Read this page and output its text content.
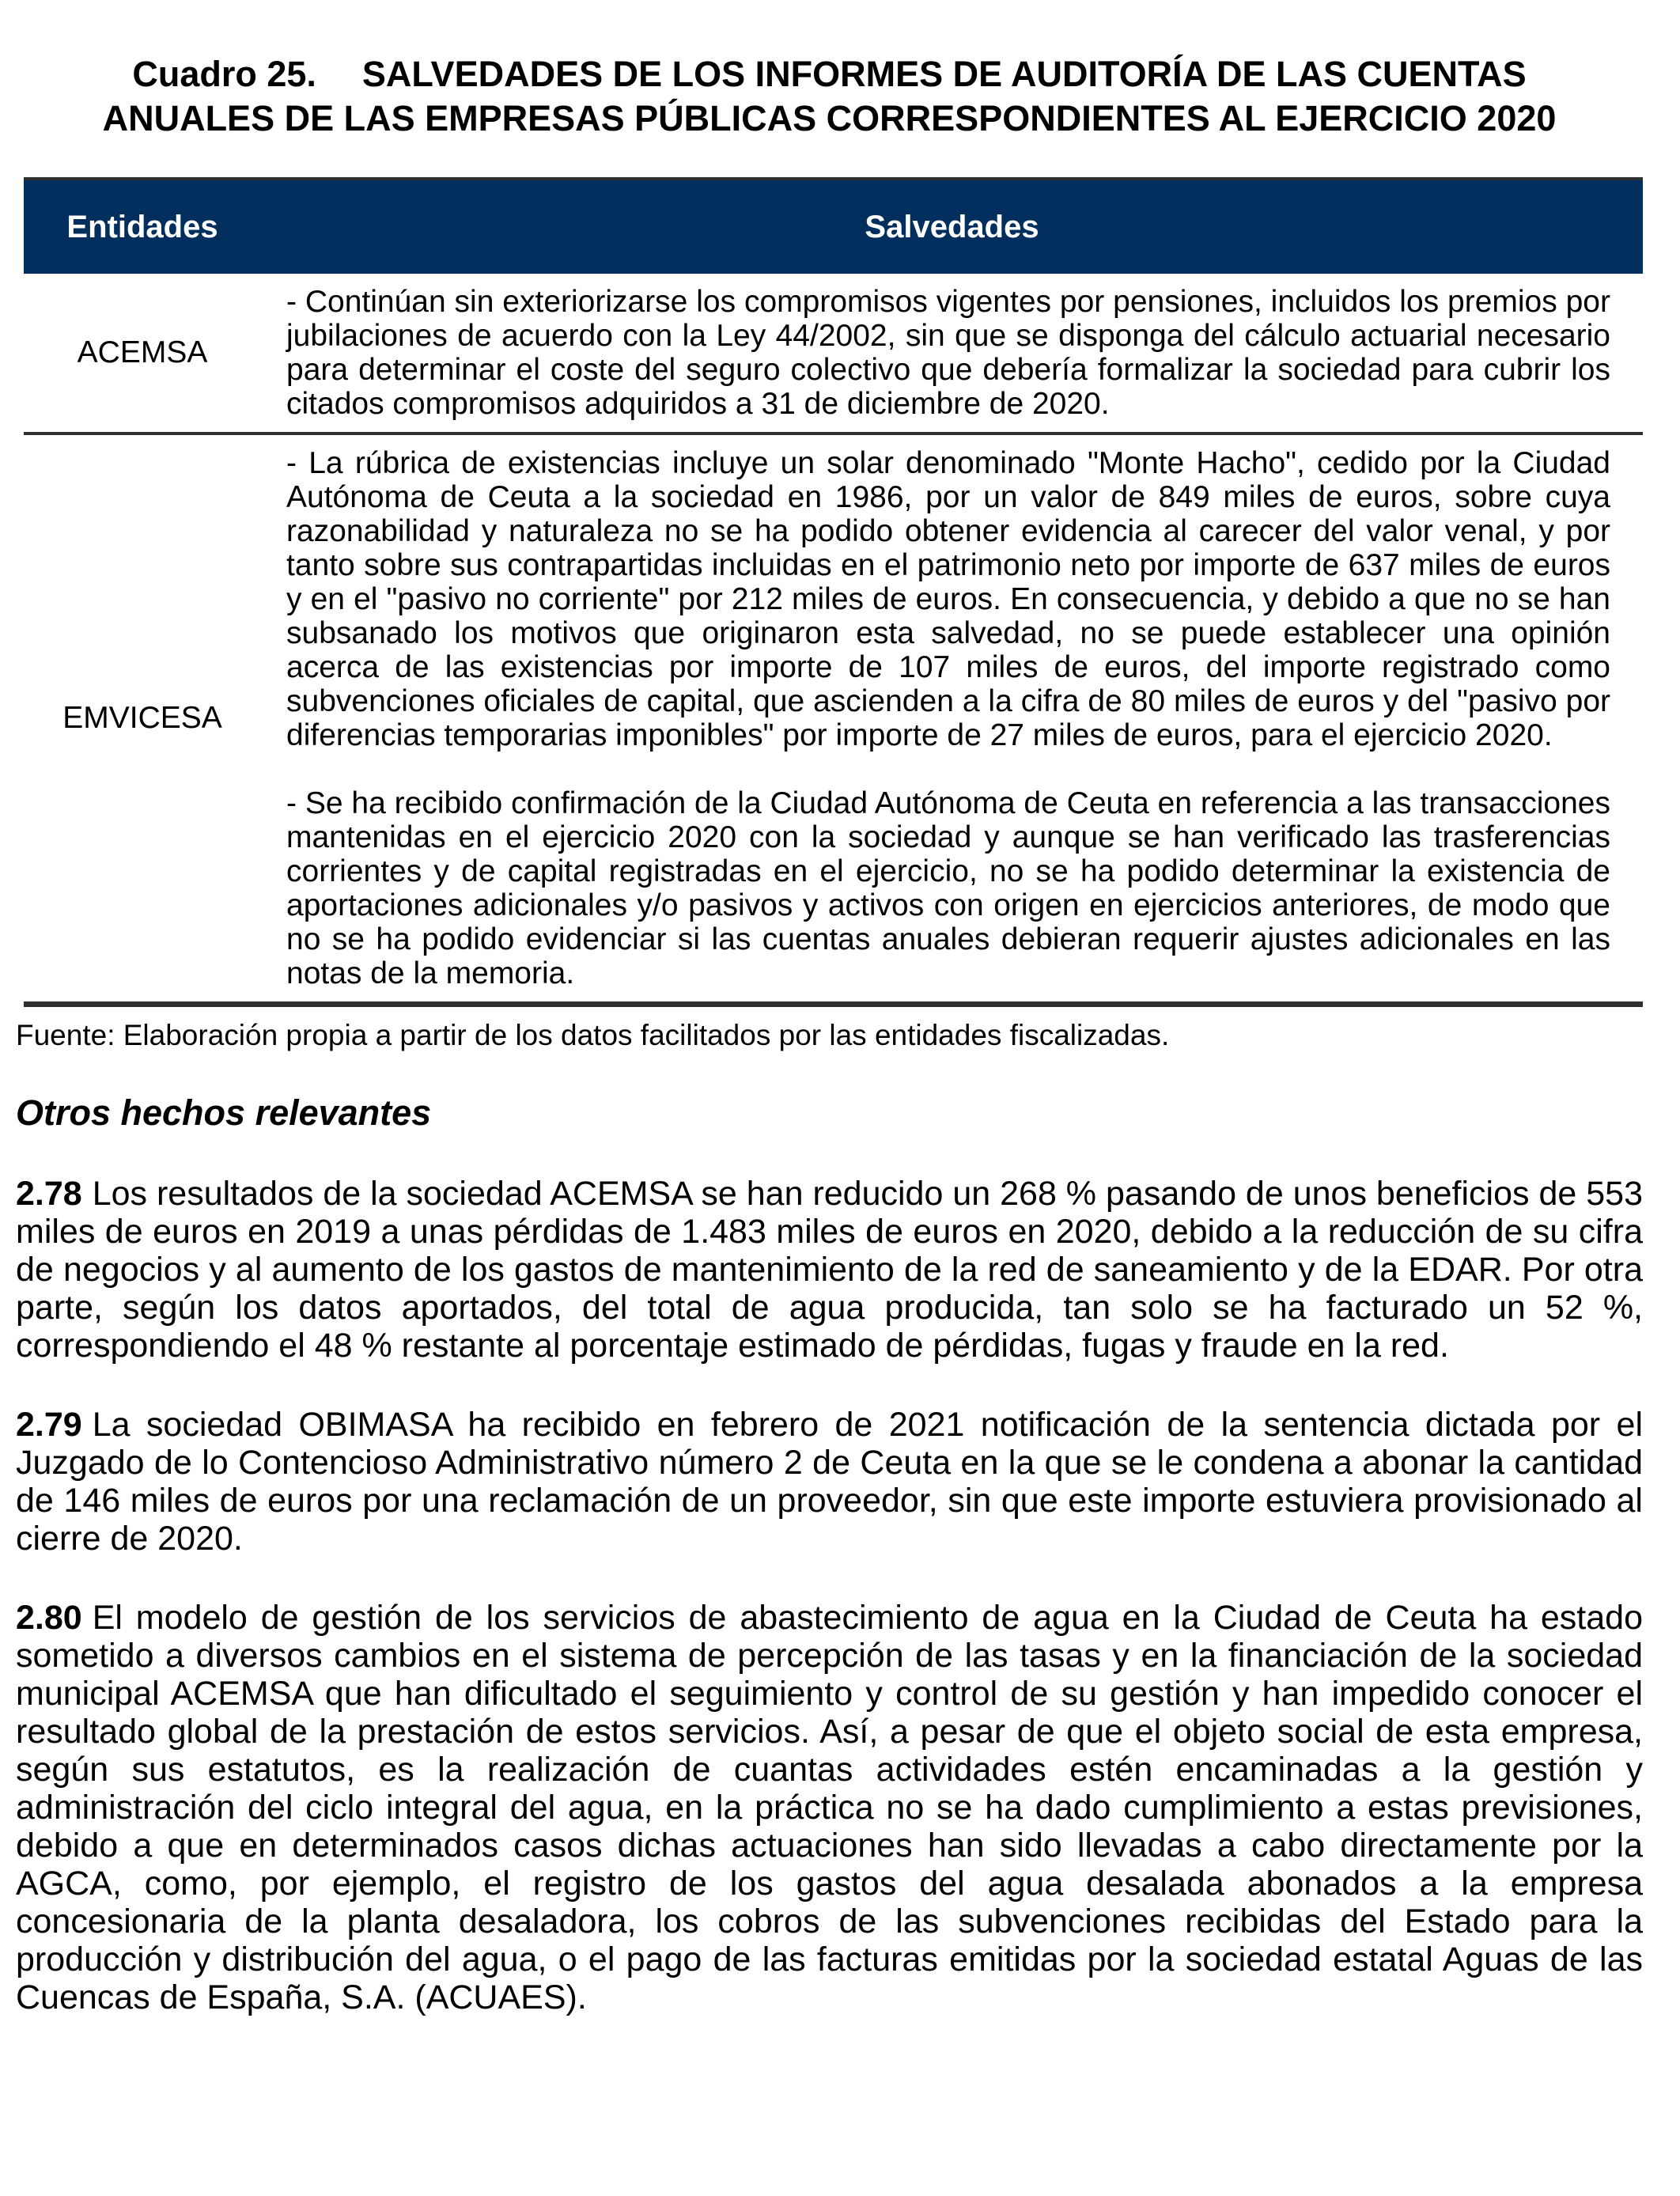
Cuadro 25. SALVEDADES DE LOS INFORMES DE AUDITORÍA DE LAS CUENTAS
ANUALES DE LAS EMPRESAS PÚBLICAS CORRESPONDIENTES AL EJERCICIO 2020
Entidades	Salvedades
ACEMSA	- Continúan sin exteriorizarse los compromisos vigentes por pensiones, incluidos los premios por jubilaciones de acuerdo con la Ley 44/2002, sin que se disponga del cálculo actuarial necesario para determinar el coste del seguro colectivo que debería formalizar la sociedad para cubrir los citados compromisos adquiridos a 31 de diciembre de 2020.

EMVICESA	- La rúbrica de existencias incluye un solar denominado "Monte Hacho", cedido por la Ciudad Autónoma de Ceuta a la sociedad en 1986, por un valor de 849 miles de euros, sobre cuya razonabilidad y naturaleza no se ha podido obtener evidencia al carecer del valor venal, y por tanto sobre sus contrapartidas incluidas en el patrimonio neto por importe de 637 miles de euros y en el "pasivo no corriente" por 212 miles de euros. En consecuencia, y debido a que no se han subsanado los motivos que originaron esta salvedad, no se puede establecer una opinión acerca de las existencias por importe de 107 miles de euros, del importe registrado como subvenciones oficiales de capital, que ascienden a la cifra de 80 miles de euros y del "pasivo por diferencias temporarias imponibles" por importe de 27 miles de euros, para el ejercicio 2020.

- Se ha recibido confirmación de la Ciudad Autónoma de Ceuta en referencia a las transacciones mantenidas en el ejercicio 2020 con la sociedad y aunque se han verificado las trasferencias corrientes y de capital registradas en el ejercicio, no se ha podido determinar la existencia de aportaciones adicionales y/o pasivos y activos con origen en ejercicios anteriores, de modo que no se ha podido evidenciar si las cuentas anuales debieran requerir ajustes adicionales en las notas de la memoria.

Fuente: Elaboración propia a partir de los datos facilitados por las entidades fiscalizadas.
Otros hechos relevantes

2.78 Los resultados de la sociedad ACEMSA se han reducido un 268 % pasando de unos beneficios de 553 miles de euros en 2019 a unas pérdidas de 1.483 miles de euros en 2020, debido a la reducción de su cifra de negocios y al aumento de los gastos de mantenimiento de la red de saneamiento y de la EDAR. Por otra parte, según los datos aportados, del total de agua producida, tan solo se ha facturado un 52 %, correspondiendo el 48 % restante al porcentaje estimado de pérdidas, fugas y fraude en la red.

2.79 La sociedad OBIMASA ha recibido en febrero de 2021 notificación de la sentencia dictada por el Juzgado de lo Contencioso Administrativo número 2 de Ceuta en la que se le condena a abonar la cantidad de 146 miles de euros por una reclamación de un proveedor, sin que este importe estuviera provisionado al cierre de 2020.

2.80 El modelo de gestión de los servicios de abastecimiento de agua en la Ciudad de Ceuta ha estado sometido a diversos cambios en el sistema de percepción de las tasas y en la financiación de la sociedad municipal ACEMSA que han dificultado el seguimiento y control de su gestión y han impedido conocer el resultado global de la prestación de estos servicios. Así, a pesar de que el objeto social de esta empresa, según sus estatutos, es la realización de cuantas actividades estén encaminadas a la gestión y administración del ciclo integral del agua, en la práctica no se ha dado cumplimiento a estas previsiones, debido a que en determinados casos dichas actuaciones han sido llevadas a cabo directamente por la AGCA, como, por ejemplo, el registro de los gastos del agua desalada abonados a la empresa concesionaria de la planta desaladora, los cobros de las subvenciones recibidas del Estado para la producción y distribución del agua, o el pago de las facturas emitidas por la sociedad estatal Aguas de las Cuencas de España, S.A. (ACUAES).
